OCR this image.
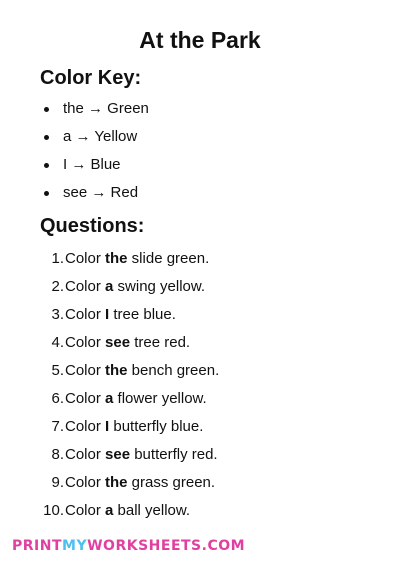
At the Park
Color Key:
the → Green
a → Yellow
I → Blue
see → Red
Questions:
1. Color the slide green.
2. Color a swing yellow.
3. Color I tree blue.
4. Color see tree red.
5. Color the bench green.
6. Color a flower yellow.
7. Color I butterfly blue.
8. Color see butterfly red.
9. Color the grass green.
10. Color a ball yellow.
PRINTMYWORKSHEETS.COM
